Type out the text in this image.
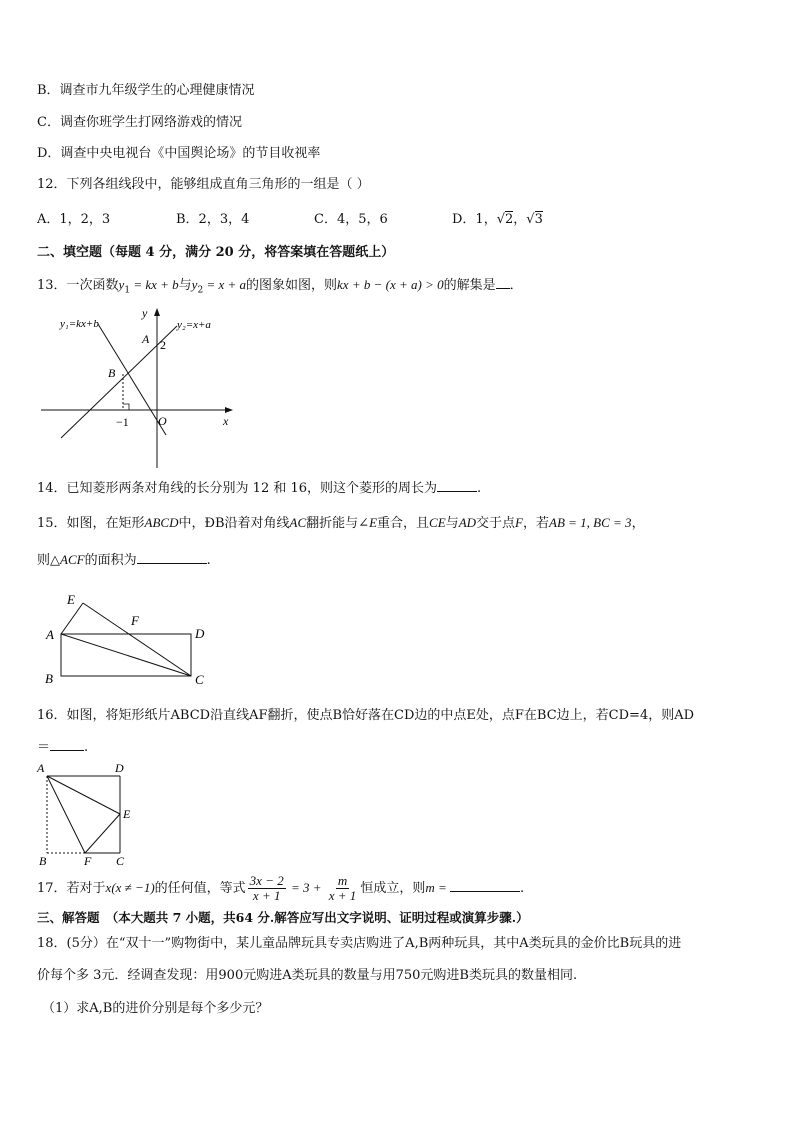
B．调查市九年级学生的心理健康情况
C．调查你班学生打网络游戏的情况
D．调查中央电视台《中国舆论场》的节目收视率
12．下列各组线段中，能够组成直角三角形的一组是（ ）
A．1，2，3	B．2，3，4	C．4，5，6	D．1，√2，√3
二、填空题（每题 4 分，满分 20 分，将答案填在答题纸上）
13．一次函数$y_1$ = kx + b与$y_2 = x + a$的图象如图，则kx + b − (x + a) > 0的解集是 ．
y₁=kx+b	y₂=x+a
y
x
A 2
B
O
−1
14．已知菱形两条对角线的长分别为 12 和 16，则这个菱形的周长为	.
15．如图，在矩形ABCD中，ÐB沿着对角线AC翻折能与∠E重合，且CE与AD交于点F，若AB = 1, BC = 3，
则△ACF的面积为	.
E
F
A	D
B	C
16．如图，将矩形纸片ABCD沿直线AF翻折，使点B恰好落在CD边的中点E处，点F在BC边上，若CD=4，则AD
＝	.
A	D
E
B	F C
17．若对于x(x ≠ −1)的任何值，等式 $\frac{3x - 2}{x + 1} = 3 + \frac{m}{x + 1}$ 恒成立，则m =	.
三、解答题　（本大题共 7 小题，共64 分.解答应写出文字说明、证明过程或演算步骤.）
18．(5分）在“双十一”购物街中，某儿童品牌玩具专卖店购进了A,B两种玩具，其中A类玩具的金价比B玩具的进
价每个多 3元．经调查发现：用900元购进A类玩具的数量与用750元购进B类玩具的数量相同.
（1）求A,B的进价分别是每个多少元？
